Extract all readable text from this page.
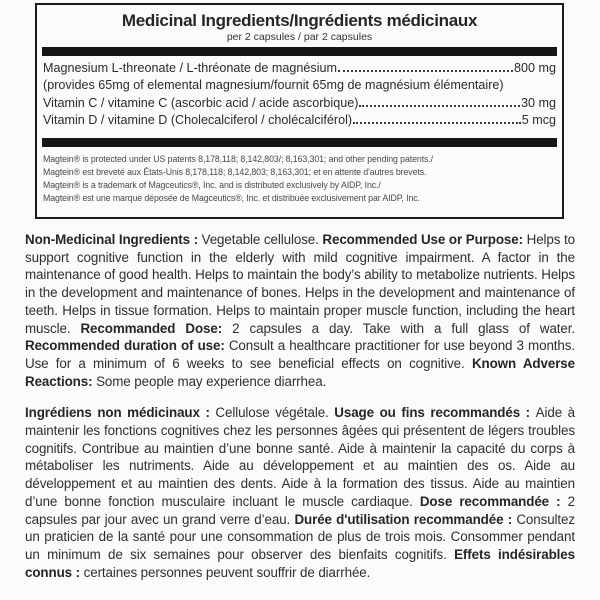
Medicinal Ingredients/Ingrédients médicinaux
per 2 capsules / par 2 capsules
Magnesium L-threonate / L-thréonate de magnésium	800 mg
(provides 65mg of elemental magnesium/fournit 65mg de magnésium élémentaire)
Vitamin C / vitamine C (ascorbic acid / acide ascorbique)	30 mg
Vitamin D / vitamine D (Cholecalciferol / cholécalciférol)	5 mcg
Magtein® is protected under US patents 8,178,118; 8,142,803/; 8,163,301; and other pending patents./
Magtein® est breveté aux États-Unis 8,178,118; 8,142,803; 8,163,301; et en attente d'autres brevets.
Magtein® is a trademark of Magceutics®, Inc. and is distributed exclusively by AIDP, Inc./
Magtein® est une marque déposée de Magceutics®, Inc. et distribuée exclusivement par AIDP, Inc.

Non-Medicinal Ingredients : Vegetable cellulose. Recommended Use or Purpose: Helps to support cognitive function in the elderly with mild cognitive impairment. A factor in the maintenance of good health. Helps to maintain the body’s ability to metabolize nutrients. Helps in the development and maintenance of bones. Helps in the development and maintenance of teeth. Helps in tissue formation. Helps to maintain proper muscle function, including the heart muscle. Recommanded Dose: 2 capsules a day. Take with a full glass of water. Recommended duration of use: Consult a healthcare practitioner for use beyond 3 months. Use for a minimum of 6 weeks to see beneficial effects on cognitive. Known Adverse Reactions: Some people may experience diarrhea.

Ingrédiens non médicinaux : Cellulose végétale. Usage ou fins recommandés : Aide à maintenir les fonctions cognitives chez les personnes âgées qui présentent de légers troubles cognitifs. Contribue au maintien d’une bonne santé. Aide à maintenir la capacité du corps à métaboliser les nutriments. Aide au développement et au maintien des os. Aide au développement et au maintien des dents. Aide à la formation des tissus. Aide au maintien d’une bonne fonction musculaire incluant le muscle cardiaque. Dose recommandée : 2 capsules par jour avec un grand verre d’eau. Durée d'utilisation recommandée : Consultez un praticien de la santé pour une consommation de plus de trois mois. Consommer pendant un minimum de six semaines pour observer des bienfaits cognitifs. Effets indésirables connus : certaines personnes peuvent souffrir de diarrhée.
